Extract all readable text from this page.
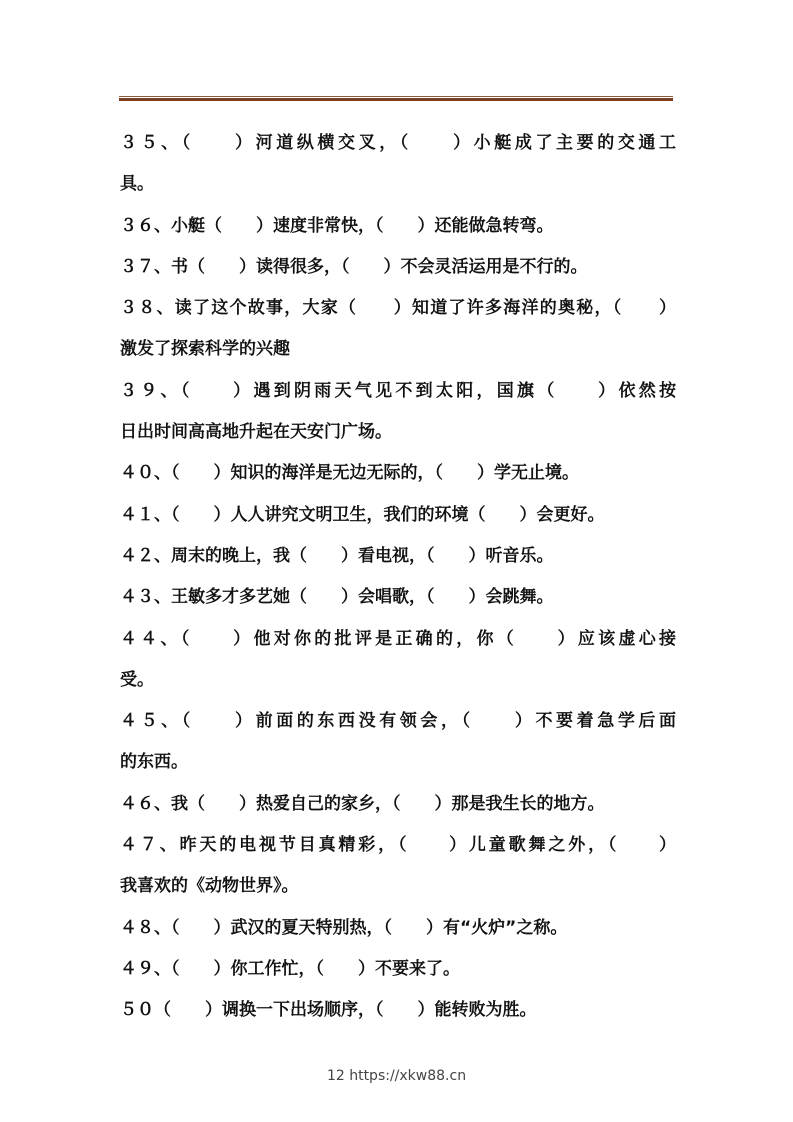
３５、（　　）河道纵横交叉，（　　）小艇成了主要的交通工
具。
３６、小艇（　　）速度非常快，（　　）还能做急转弯。
３７、书（　　）读得很多，（　　）不会灵活运用是不行的。
３８、读了这个故事，大家（　　）知道了许多海洋的奥秘，（　　）
激发了探索科学的兴趣
３９、（　　）遇到阴雨天气见不到太阳，国旗（　　）依然按
日出时间高高地升起在天安门广场。
４０、（　　）知识的海洋是无边无际的，（　　）学无止境。
４１、（　　）人人讲究文明卫生，我们的环境（　　）会更好。
４２、周末的晚上，我（　　）看电视，（　　）听音乐。
４３、王敏多才多艺她（　　）会唱歌，（　　）会跳舞。
４４、（　　）他对你的批评是正确的，你（　　）应该虚心接
受。
４５、（　　）前面的东西没有领会，（　　）不要着急学后面
的东西。
４６、我（　　）热爱自己的家乡，（　　）那是我生长的地方。
４７、昨天的电视节目真精彩，（　　）儿童歌舞之外，（　　）
我喜欢的《动物世界》。
４８、（　　）武汉的夏天特别热，（　　）有“火炉”之称。
４９、（　　）你工作忙，（　　）不要来了。
５０（　　）调换一下出场顺序，（　　）能转败为胜。
12 https://xkw88.cn
